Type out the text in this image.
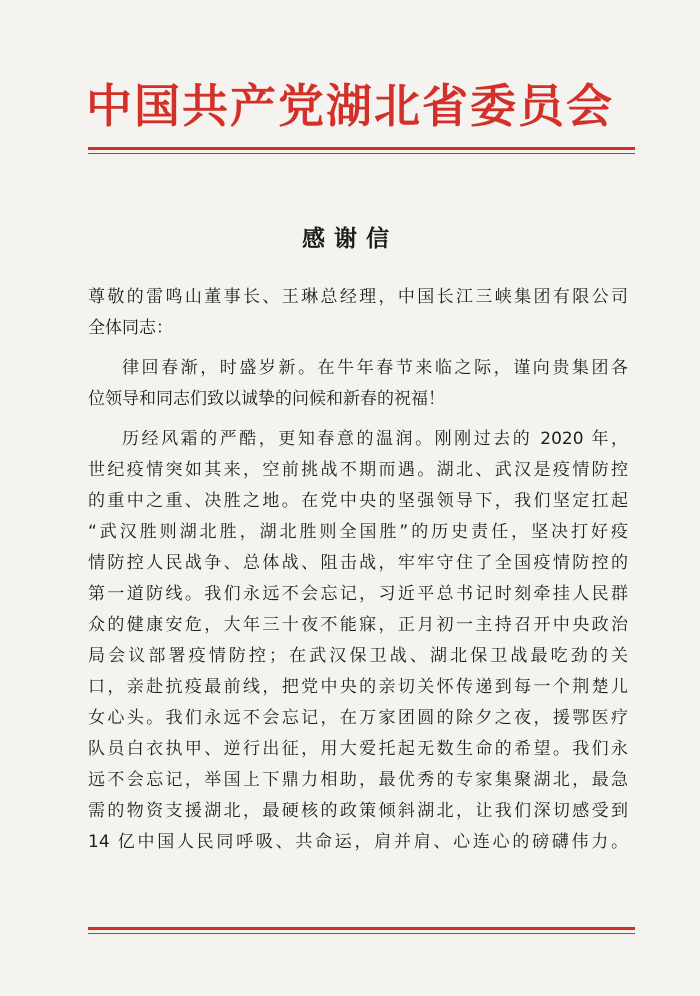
中国共产党湖北省委员会
感谢信
尊敬的雷鸣山董事长、王琳总经理，中国长江三峡集团有限公司
全体同志：
律回春渐，时盛岁新。在牛年春节来临之际，谨向贵集团各
位领导和同志们致以诚挚的问候和新春的祝福！
历经风霜的严酷，更知春意的温润。刚刚过去的 2020 年，
世纪疫情突如其来，空前挑战不期而遇。湖北、武汉是疫情防控
的重中之重、决胜之地。在党中央的坚强领导下，我们坚定扛起
“武汉胜则湖北胜，湖北胜则全国胜”的历史责任，坚决打好疫
情防控人民战争、总体战、阻击战，牢牢守住了全国疫情防控的
第一道防线。我们永远不会忘记，习近平总书记时刻牵挂人民群
众的健康安危，大年三十夜不能寐，正月初一主持召开中央政治
局会议部署疫情防控；在武汉保卫战、湖北保卫战最吃劲的关
口，亲赴抗疫最前线，把党中央的亲切关怀传递到每一个荆楚儿
女心头。我们永远不会忘记，在万家团圆的除夕之夜，援鄂医疗
队员白衣执甲、逆行出征，用大爱托起无数生命的希望。我们永
远不会忘记，举国上下鼎力相助，最优秀的专家集聚湖北，最急
需的物资支援湖北，最硬核的政策倾斜湖北，让我们深切感受到
14 亿中国人民同呼吸、共命运，肩并肩、心连心的磅礴伟力。
